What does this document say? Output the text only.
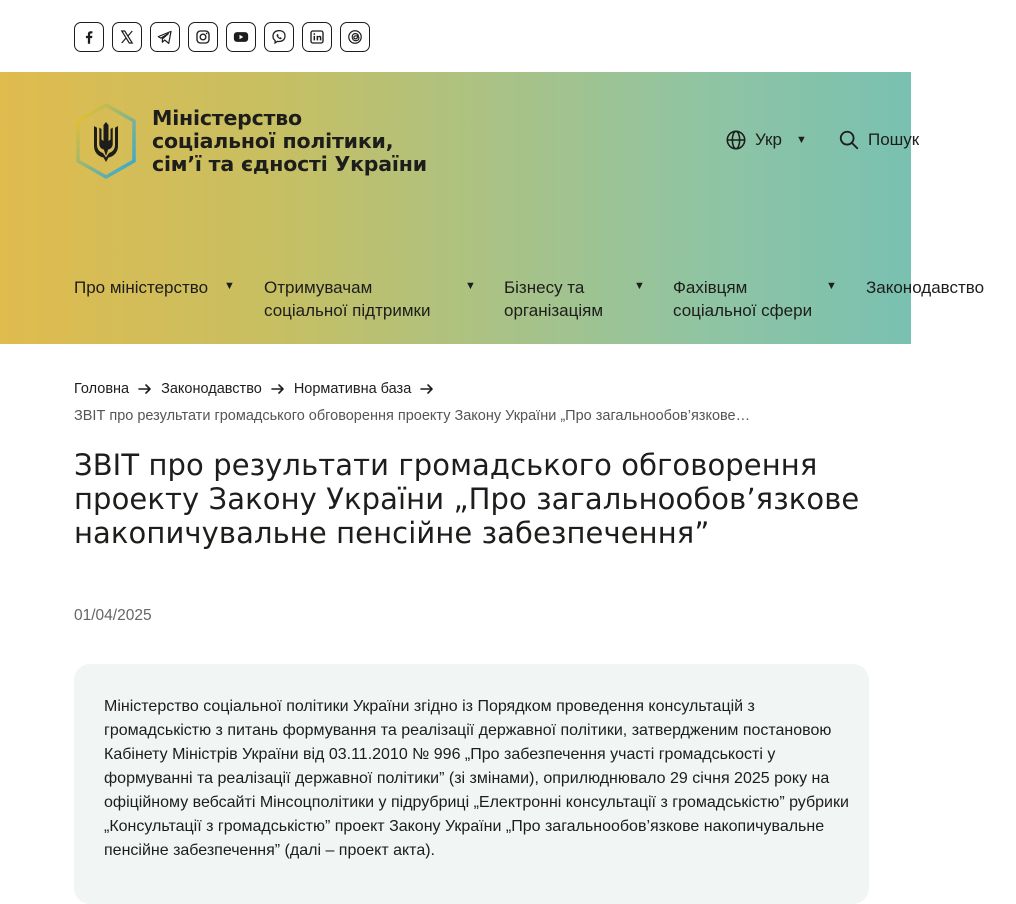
Міністерство
соціальної політики,
сім’ї та єдності України
Укр ▼	Пошук
Про міністерство	▼ Отримувачам соціальної підтримки
▼ Бізнесу та організаціям
▼ Фахівцям соціальної сфери
▼ Законодавство
Головна Законодавство Нормативна база
ЗВІТ про результати громадського обговорення проекту Закону України „Про загальнообов’язкове…
ЗВІТ про результати громадського обговорення проекту Закону України „Про загальнообов’язкове накопичувальне пенсійне забезпечення”
01/04/2025

Міністерство соціальної політики України згідно із Порядком проведення консультацій з громадськістю з питань формування та реалізації державної політики, затвердженим постановою Кабінету Міністрів України від 03.11.2010 № 996 „Про забезпечення участі громадськості у формуванні та реалізації державної політики” (зі змінами), оприлюднювало 29 січня 2025 року на офіційному вебсайті Мінсоцполітики у підрубриці „Електронні консультації з громадськістю” рубрики „Консультації з громадськістю” проект Закону України „Про загальнообов’язкове накопичувальне пенсійне забезпечення” (далі – проект акта).
